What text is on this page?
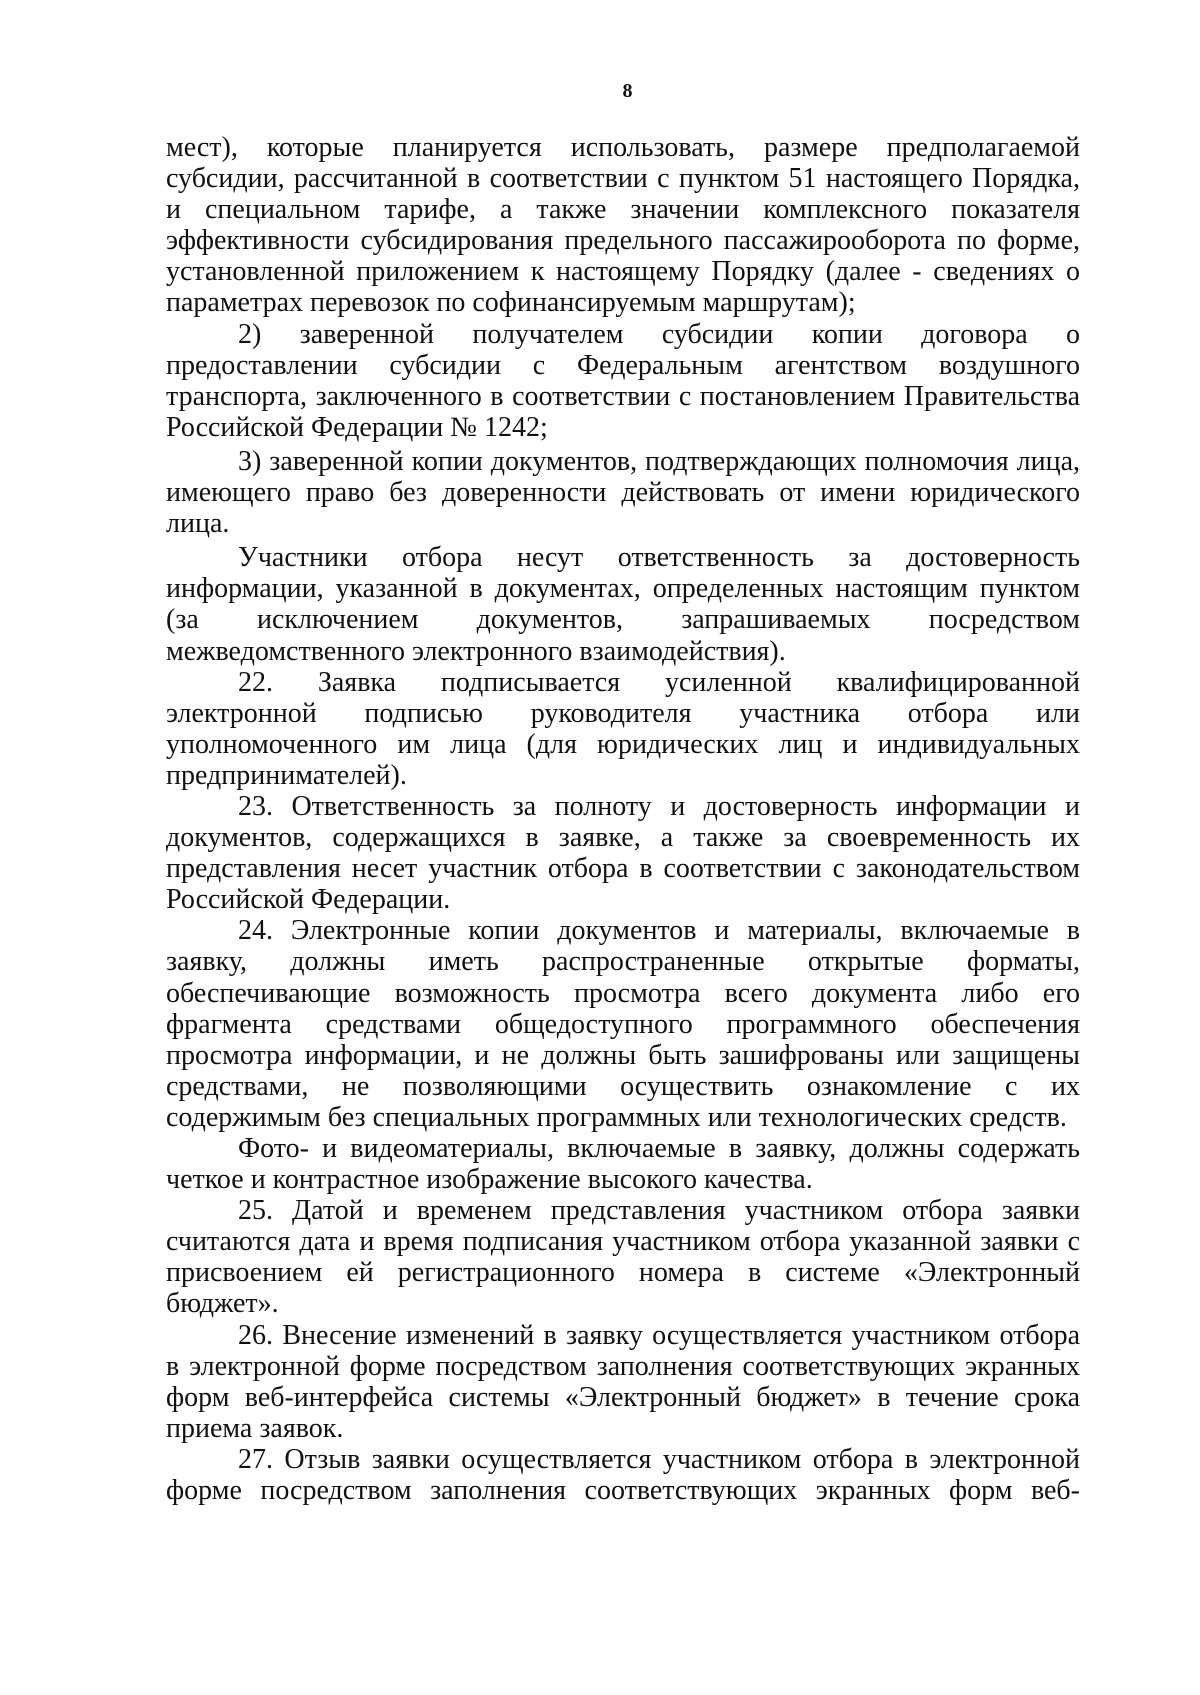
8

мест), которые планируется использовать, размере предполагаемой субсидии, рассчитанной в соответствии с пунктом 51 настоящего Порядка, и специальном тарифе, а также значении комплексного показателя эффективности субсидирования предельного пассажирооборота по форме, установленной приложением к настоящему Порядку (далее - сведениях о параметрах перевозок по софинансируемым маршрутам);

2) заверенной получателем субсидии копии договора о предоставлении субсидии с Федеральным агентством воздушного транспорта, заключенного в соответствии с постановлением Правительства Российской Федерации № 1242;

3) заверенной копии документов, подтверждающих полномочия лица, имеющего право без доверенности действовать от имени юридического лица.

Участники отбора несут ответственность за достоверность информации, указанной в документах, определенных настоящим пунктом (за исключением документов, запрашиваемых посредством межведомственного электронного взаимодействия).

22. Заявка подписывается усиленной квалифицированной электронной подписью руководителя участника отбора или уполномоченного им лица (для юридических лиц и индивидуальных предпринимателей).

23. Ответственность за полноту и достоверность информации и документов, содержащихся в заявке, а также за своевременность их представления несет участник отбора в соответствии с законодательством Российской Федерации.

24. Электронные копии документов и материалы, включаемые в заявку, должны иметь распространенные открытые форматы, обеспечивающие возможность просмотра всего документа либо его фрагмента средствами общедоступного программного обеспечения просмотра информации, и не должны быть зашифрованы или защищены средствами, не позволяющими осуществить ознакомление с их содержимым без специальных программных или технологических средств.

Фото- и видеоматериалы, включаемые в заявку, должны содержать четкое и контрастное изображение высокого качества.

25. Датой и временем представления участником отбора заявки считаются дата и время подписания участником отбора указанной заявки с присвоением ей регистрационного номера в системе «Электронный бюджет».

26. Внесение изменений в заявку осуществляется участником отбора в электронной форме посредством заполнения соответствующих экранных форм веб-интерфейса системы «Электронный бюджет» в течение срока приема заявок.

27. Отзыв заявки осуществляется участником отбора в электронной форме посредством заполнения соответствующих экранных форм веб-
